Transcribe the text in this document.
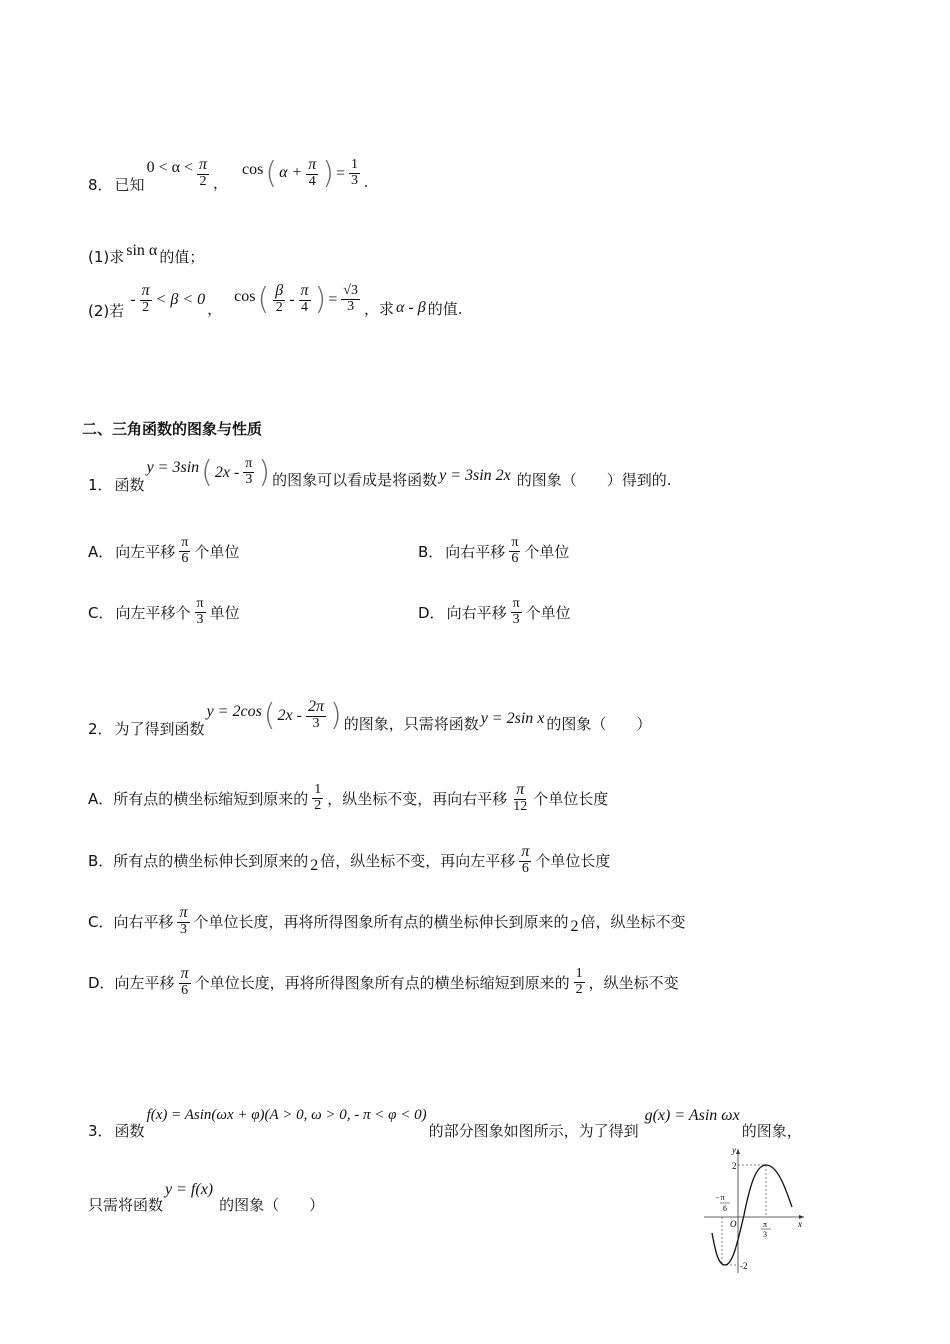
8． 已知
$0 < \alpha < \frac{\pi}{2}$ ，
cos ( $\alpha + \frac{\pi}{4}$ ) = $\frac{1}{3}$ .
(1)求 sin α 的值；
(2)若
- $\frac{\pi}{2} < \beta < 0$
，
cos ( $\frac{\beta}{2} - \frac{\pi}{4}$ ) = $\frac{√3}{3}$ ，求 α - β 的值.
二、三角函数的图象与性质
1． 函数
y = 3sin ( $2x - \frac{\pi}{3}$ ) 的图象可以看成是将函数 y = 3sin 2x 的图象（　　）得到的.
A． 向左平移 $\frac{\pi}{6}$ 个单位	B． 向右平移 $\frac{\pi}{6}$ 个单位
C． 向左平移个 $\frac{\pi}{3}$ 单位	D． 向右平移 $\frac{\pi}{3}$ 个单位
2． 为了得到函数
y = 2cos ( $2x - \frac{2\pi}{3}$ ) 的图象，只需将函数 y = 2sin x 的图象（　　）
A．所有点的横坐标缩短到原来的 $\frac{1}{2}$ ，纵坐标不变，再向右平移 $\frac{\pi}{12}$ 个单位长度
B．所有点的横坐标伸长到原来的 2 倍，纵坐标不变，再向左平移 $\frac{\pi}{6}$ 个单位长度
C．向右平移 $\frac{\pi}{3}$ 个单位长度，再将所得图象所有点的横坐标伸长到原来的 2 倍，纵坐标不变
D．向左平移 $\frac{\pi}{6}$ 个单位长度，再将所得图象所有点的横坐标缩短到原来的 $\frac{1}{2}$ ，纵坐标不变
3． 函数
f(x) = Asin(ωx + φ)(A > 0, ω > 0, - π < φ < 0)
的部分图象如图所示，为了得到
g(x) = Asin ωx
的图象，
只需将函数
y = f(x)
的图象（　　）
y
x
O
2
-2
- π
6
π
3
